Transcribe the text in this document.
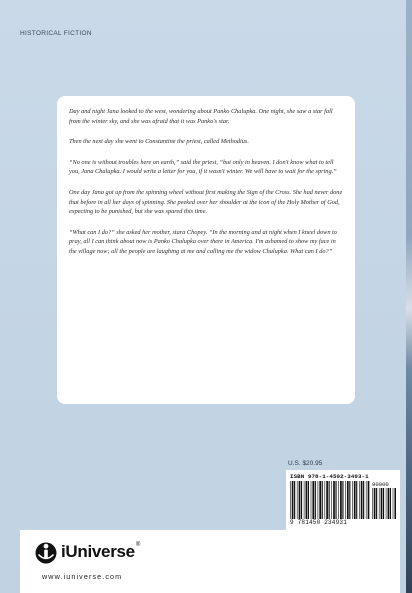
HISTORICAL FICTION

Day and night Jana looked to the west, wondering about Panko Chalupka. One night, she saw a star fall from the winter sky, and she was afraid that it was Panko's star.

Then the next day she went to Constantine the priest, called Methodius.

“No one is without troubles here on earth,” said the priest, “but only in heaven. I don't know what to tell you, Jana Chalupka. I would write a letter for you, if it wasn't winter. We will have to wait for the spring.”

One day Jana got up from the spinning wheel without first making the Sign of the Cross. She had never done that before in all her days of spinning. She peeked over her shoulder at the icon of the Holy Mother of God, expecting to be punished, but she was spared this time.

“What can I do?” she asked her mother, stara Chopey. “In the morning and at night when I kneel down to pray, all I can think about now is Panko Chalupka over there in America. I'm ashamed to show my face in the village now; all the people are laughing at me and calling me the widow Chalupka. What can I do?”

U.S. $20.95
ISBN 978-1-4502-3493-1
90000
9 781450 234931
iUniverse ®
www.iuniverse.com
